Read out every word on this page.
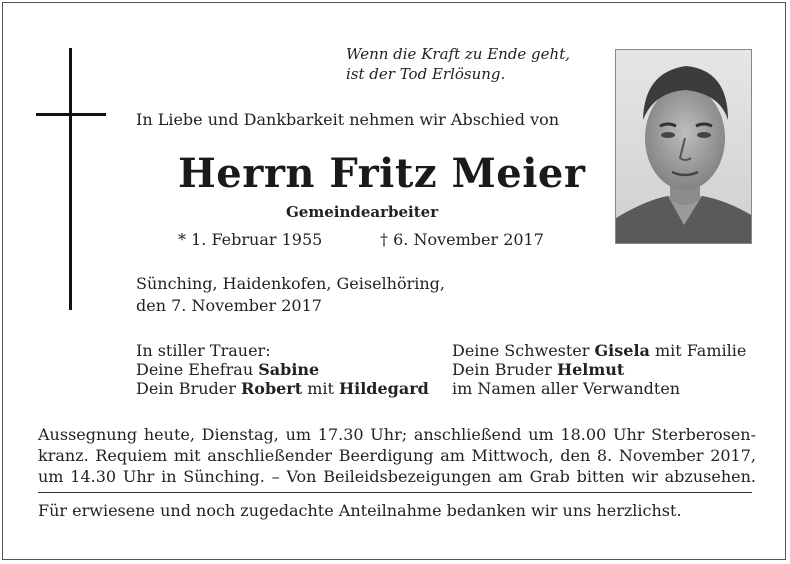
Wenn die Kraft zu Ende geht,
ist der Tod Erlösung.
In Liebe und Dankbarkeit nehmen wir Abschied von
Herrn Fritz Meier
Gemeindearbeiter
* 1. Februar 1955	† 6. November 2017
Sünching, Haidenkofen, Geiselhöring,
den 7. November 2017
In stiller Trauer:
Deine Ehefrau Sabine
Dein Bruder Robert mit Hildegard
Deine Schwester Gisela mit Familie
Dein Bruder Helmut
im Namen aller Verwandten
Aussegnung heute, Dienstag, um 17.30 Uhr; anschließend um 18.00 Uhr Sterberosen-
kranz. Requiem mit anschließender Beerdigung am Mittwoch, den 8. November 2017,
um 14.30 Uhr in Sünching. – Von Beileidsbezeigungen am Grab bitten wir abzusehen.
Für erwiesene und noch zugedachte Anteilnahme bedanken wir uns herzlichst.
